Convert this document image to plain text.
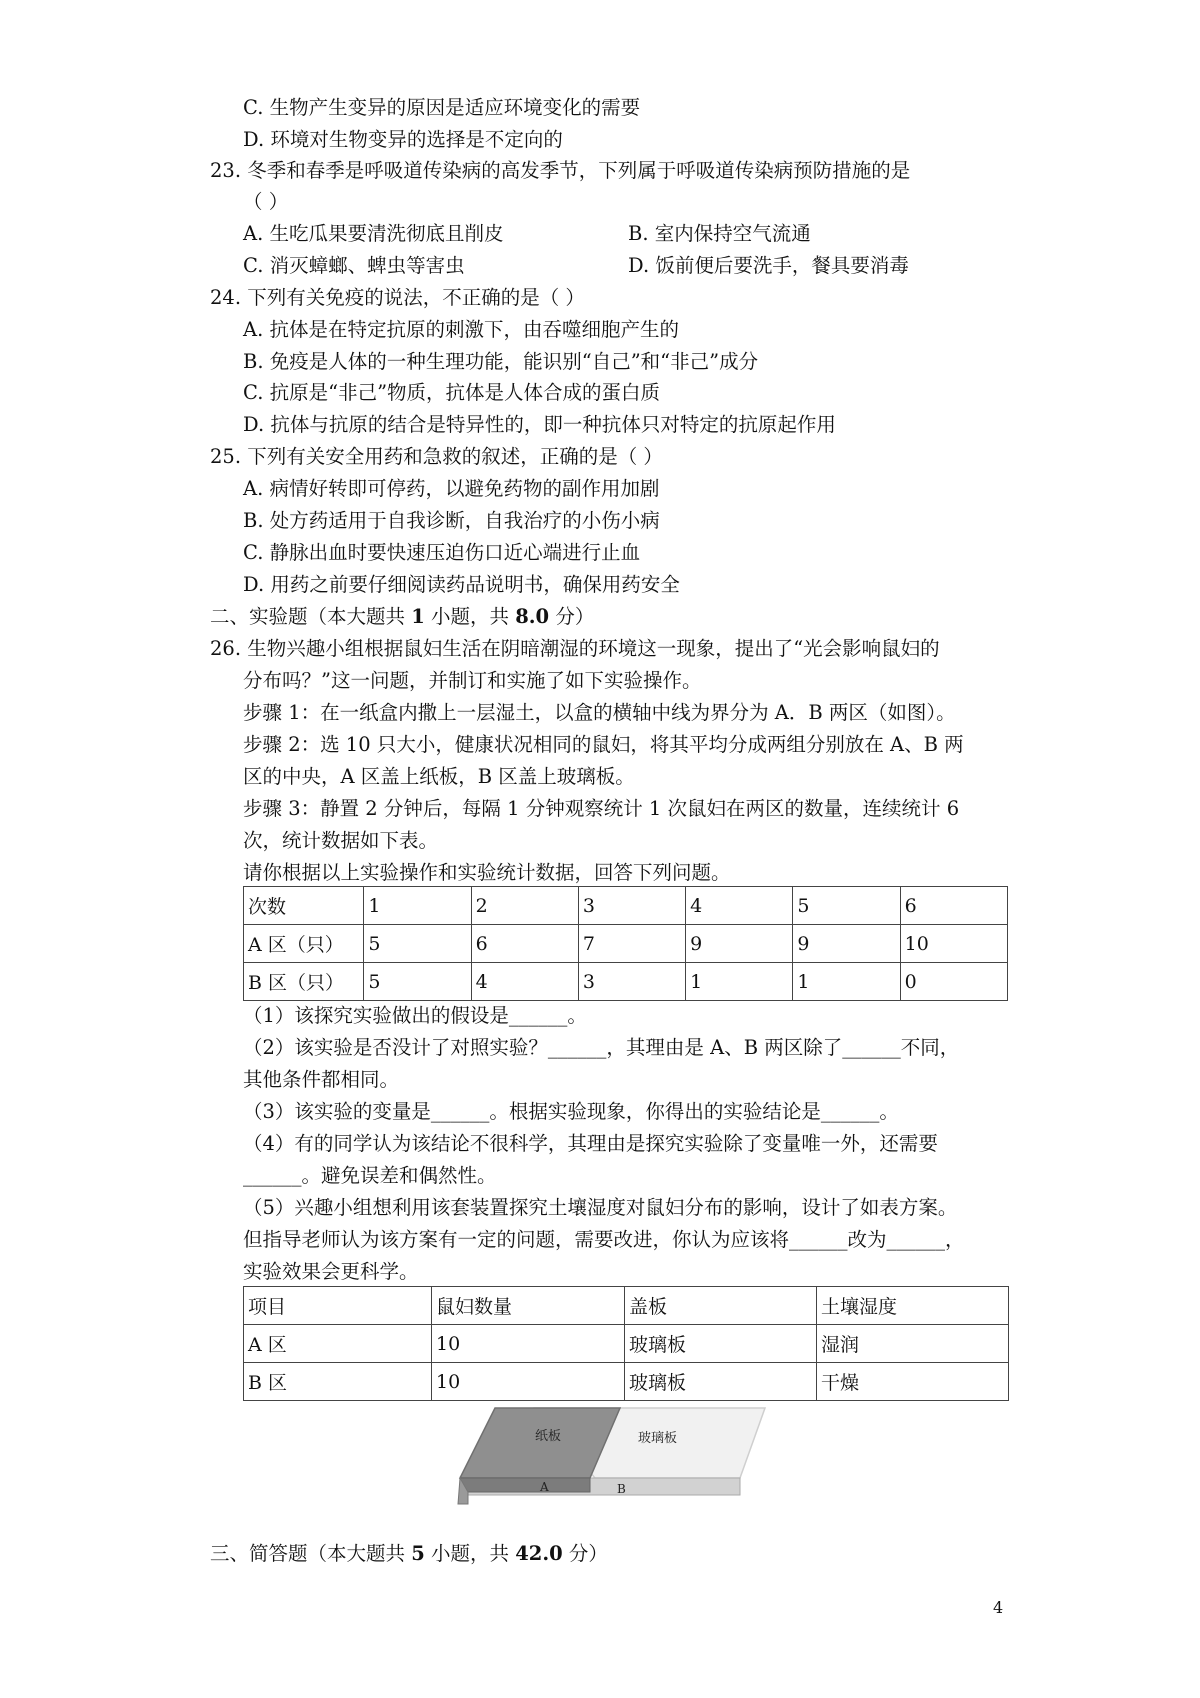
C. 生物产生变异的原因是适应环境变化的需要
D. 环境对生物变异的选择是不定向的
23. 冬季和春季是呼吸道传染病的高发季节，下列属于呼吸道传染病预防措施的是
（ ）
A. 生吃瓜果要清洗彻底且削皮	B. 室内保持空气流通
C. 消灭蟑螂、蜱虫等害虫	D. 饭前便后要洗手，餐具要消毒
24. 下列有关免疫的说法，不正确的是（ ）
A. 抗体是在特定抗原的刺激下，由吞噬细胞产生的
B. 免疫是人体的一种生理功能，能识别“自己”和“非己”成分
C. 抗原是“非己”物质，抗体是人体合成的蛋白质
D. 抗体与抗原的结合是特异性的，即一种抗体只对特定的抗原起作用
25. 下列有关安全用药和急救的叙述，正确的是（ ）
A. 病情好转即可停药，以避免药物的副作用加剧
B. 处方药适用于自我诊断，自我治疗的小伤小病
C. 静脉出血时要快速压迫伤口近心端进行止血
D. 用药之前要仔细阅读药品说明书，确保用药安全
二、实验题（本大题共 1 小题，共 8.0 分）
26. 生物兴趣小组根据鼠妇生活在阴暗潮湿的环境这一现象，提出了“光会影响鼠妇的
分布吗？”这一问题，并制订和实施了如下实验操作。
步骤 1：在一纸盒内撒上一层湿土，以盒的横轴中线为界分为 A．B 两区（如图）。
步骤 2：选 10 只大小，健康状况相同的鼠妇，将其平均分成两组分别放在 A、B 两
区的中央，A 区盖上纸板，B 区盖上玻璃板。
步骤 3：静置 2 分钟后，每隔 1 分钟观察统计 1 次鼠妇在两区的数量，连续统计 6
次，统计数据如下表。
请你根据以上实验操作和实验统计数据，回答下列问题。
次数	1	2	3	4	5	6
A 区（只）	5	6	7	9	9	10
B 区（只）	5	4	3	1	1	0
（1）该探究实验做出的假设是______。
（2）该实验是否没计了对照实验？______，其理由是 A、B 两区除了______不同，
其他条件都相同。
（3）该实验的变量是______。根据实验现象，你得出的实验结论是______。
（4）有的同学认为该结论不很科学，其理由是探究实验除了变量唯一外，还需要
______。避免误差和偶然性。
（5）兴趣小组想利用该套装置探究土壤湿度对鼠妇分布的影响，设计了如表方案。
但指导老师认为该方案有一定的问题，需要改进，你认为应该将______改为______，
实验效果会更科学。
项目	鼠妇数量	盖板	土壤湿度
A 区	10	玻璃板	湿润
B 区	10	玻璃板	干燥
纸板	玻璃板
A	B
三、简答题（本大题共 5 小题，共 42.0 分）
4
